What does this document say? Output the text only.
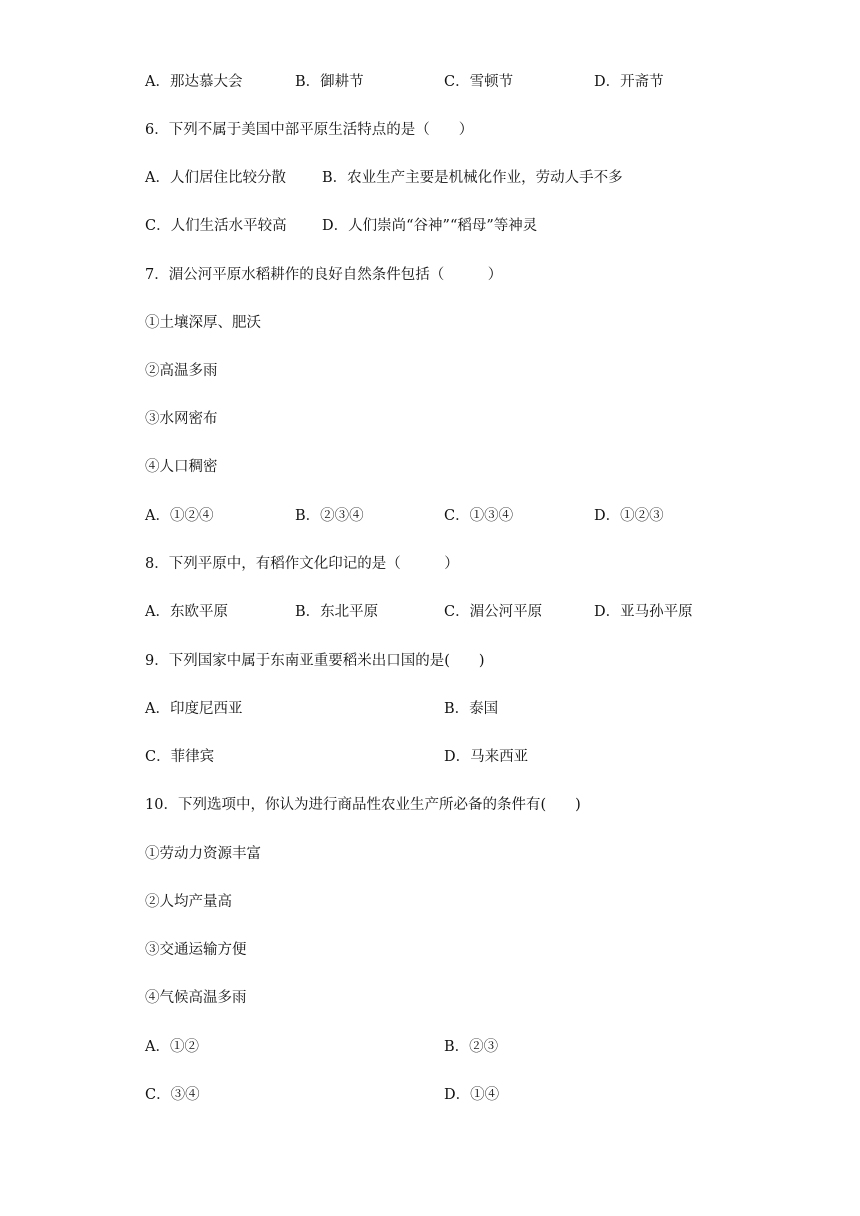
A．那达慕大会	B．御耕节	C．雪顿节	D．开斋节
6．下列不属于美国中部平原生活特点的是（　　）
A．人们居住比较分散 B．农业生产主要是机械化作业，劳动人手不多
C．人们生活水平较高 D．人们崇尚“谷神”“稻母”等神灵
7．湄公河平原水稻耕作的良好自然条件包括（　　　）
①土壤深厚、肥沃
②高温多雨
③水网密布
④人口稠密
A．①②④	B．②③④	C．①③④	D．①②③
8．下列平原中，有稻作文化印记的是（　　　）
A．东欧平原	B．东北平原	C．湄公河平原	D．亚马孙平原
9．下列国家中属于东南亚重要稻米出口国的是(　　)
A．印度尼西亚	B．泰国
C．菲律宾	D．马来西亚
10．下列选项中，你认为进行商品性农业生产所必备的条件有(　　)
①劳动力资源丰富
②人均产量高
③交通运输方便
④气候高温多雨
A．①②	B．②③
C．③④	D．①④
